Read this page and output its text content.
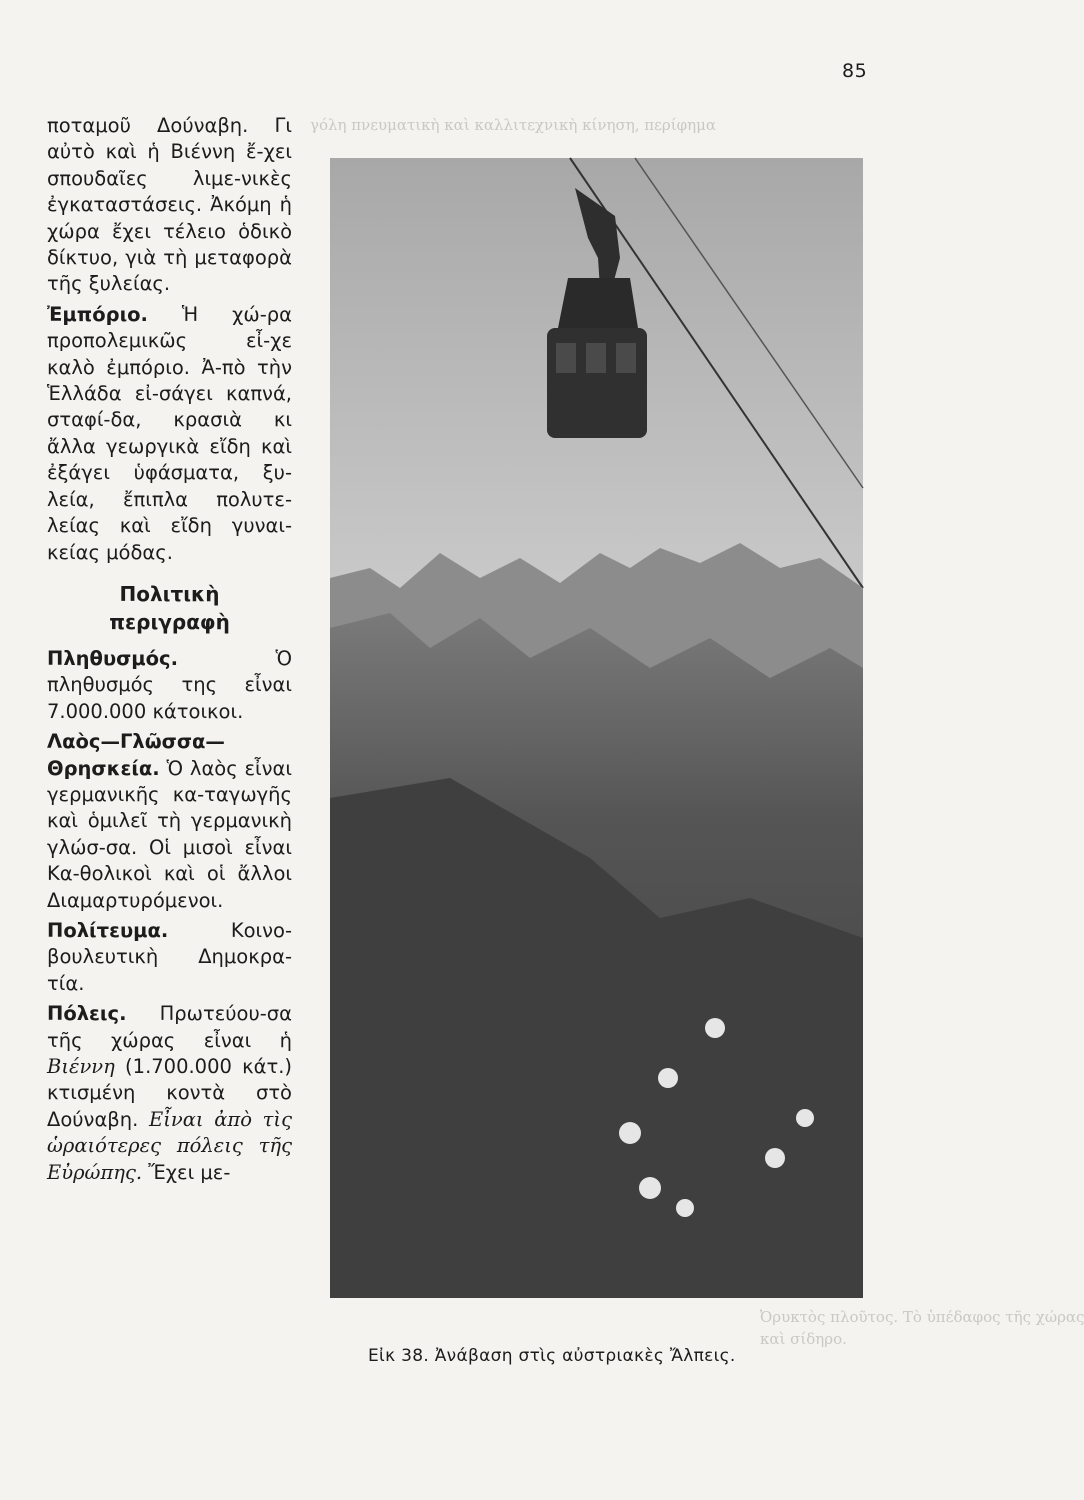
85
γόλη πνευματικὴ καὶ καλλιτεχνικὴ κίνηση, περίφημα
Ὀρυκτὸς πλοῦτος. Τὸ ὑπέδαφος τῆς χώρας
καὶ σίδηρο.

ποταμοῦ Δούναβη. Γι αὐτὸ καὶ ἡ Βιέννη ἔ-χει σπουδαῖες λιμε-νικὲς ἐγκαταστάσεις. Ἀκόμη ἡ χώρα ἔχει τέλειο ὁδικὸ δίκτυο, γιὰ τὴ μεταφορὰ τῆς ξυλείας.

Ἐμπόριο. Ἡ χώ-ρα προπολεμικῶς εἶ-χε καλὸ ἐμπόριο. Ἀ-πὸ τὴν Ἑλλάδα εἰ-σάγει καπνά, σταφί-δα, κρασιὰ κι ἄλλα γεωργικὰ εἴδη καὶ ἐξάγει ὑφάσματα, ξυ-λεία, ἔπιπλα πολυτε-λείας καὶ εἴδη γυναι-κείας μόδας.

Πολιτικὴ
περιγραφὴ

Πληθυσμός. Ὁ πληθυσμός της εἶναι 7.000.000 κάτοικοι.

Λαὸς—Γλῶσσα—Θρησκεία. Ὁ λαὸς εἶναι γερμανικῆς κα-ταγωγῆς καὶ ὁμιλεῖ τὴ γερμανικὴ γλώσ-σα. Οἱ μισοὶ εἶναι Κα-θολικοὶ καὶ οἱ ἄλλοι Διαμαρτυρόμενοι.

Πολίτευμα. Κοινο-βουλευτικὴ Δημοκρα-τία.

Πόλεις. Πρωτεύου-σα τῆς χώρας εἶναι ἡ Βιέννη (1.700.000 κάτ.) κτισμένη κοντὰ στὸ Δούναβη. Εἶναι ἀπὸ τὶς ὡραιότερες πόλεις τῆς Εὐρώπης. Ἔχει με-

Εἰκ 38. Ἀνάβαση στὶς αὐστριακὲς Ἄλπεις.
